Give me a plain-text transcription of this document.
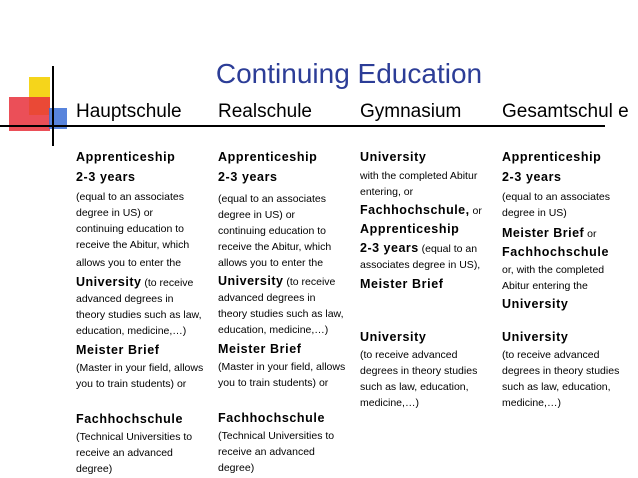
Continuing Education
Hauptschule Realschule	Gymnasium Gesamtschul e
Apprenticeship
2-3 years
(equal to an associates
degree in US) or
continuing education to
receive the Abitur, which
allows you to enter the
University (to receive
advanced degrees in
theory studies such as law,
education, medicine,…)
Meister Brief
(Master in your field, allows
you to train students) or
Fachhochschule
(Technical Universities to
receive an advanced
degree)
Apprenticeship
2-3 years
(equal to an associates
degree in US) or
continuing education to
receive the Abitur, which
allows you to enter the
University (to receive
advanced degrees in
theory studies such as law,
education, medicine,…)
Meister Brief
(Master in your field, allows
you to train students) or
Fachhochschule
(Technical Universities to
receive an advanced
degree)
University
with the completed Abitur
entering, or
Fachhochschule, or
Apprenticeship
2-3 years (equal to an
associates degree in US),
Meister Brief
University
(to receive advanced
degrees in theory studies
such as law, education,
medicine,…)
Apprenticeship
2-3 years
(equal to an associates
degree in US)
Meister Brief or
Fachhochschule
or, with the completed
Abitur entering the
University
University
(to receive advanced
degrees in theory studies
such as law, education,
medicine,…)
